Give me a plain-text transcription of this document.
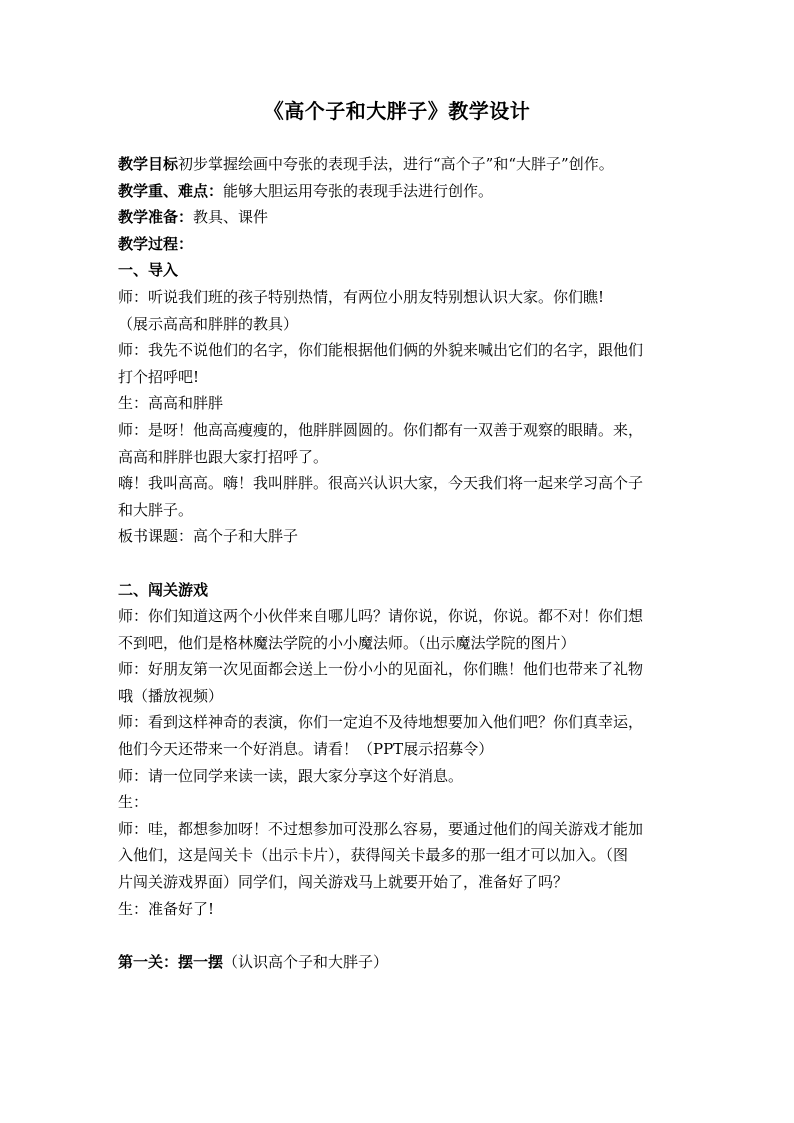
《高个子和大胖子》教学设计

教学目标初步掌握绘画中夸张的表现手法，进行“高个子”和“大胖子”创作。

教学重、难点：能够大胆运用夸张的表现手法进行创作。

教学准备：教具、课件

教学过程：

一、导入

师：听说我们班的孩子特别热情，有两位小朋友特别想认识大家。你们瞧!

（展示高高和胖胖的教具）

师：我先不说他们的名字，你们能根据他们俩的外貌来喊出它们的名字，跟他们

打个招呼吧!

生：高高和胖胖

师：是呀！他高高瘦瘦的，他胖胖圆圆的。你们都有一双善于观察的眼睛。来，

高高和胖胖也跟大家打招呼了。

嗨！我叫高高。嗨！我叫胖胖。很高兴认识大家，今天我们将一起来学习高个子

和大胖子。

板书课题：高个子和大胖子

二、闯关游戏

师：你们知道这两个小伙伴来自哪儿吗？请你说，你说，你说。都不对！你们想

不到吧，他们是格林魔法学院的小小魔法师。（出示魔法学院的图片）

师：好朋友第一次见面都会送上一份小小的见面礼，你们瞧！他们也带来了礼物

哦（播放视频）

师：看到这样神奇的表演，你们一定迫不及待地想要加入他们吧？你们真幸运，

他们今天还带来一个好消息。请看！（PPT展示招募令）

师：请一位同学来读一读，跟大家分享这个好消息。

生：

师：哇，都想参加呀！不过想参加可没那么容易，要通过他们的闯关游戏才能加

入他们，这是闯关卡（出示卡片），获得闯关卡最多的那一组才可以加入。（图

片闯关游戏界面）同学们，闯关游戏马上就要开始了，准备好了吗？

生：准备好了!

第一关：摆一摆（认识高个子和大胖子）
